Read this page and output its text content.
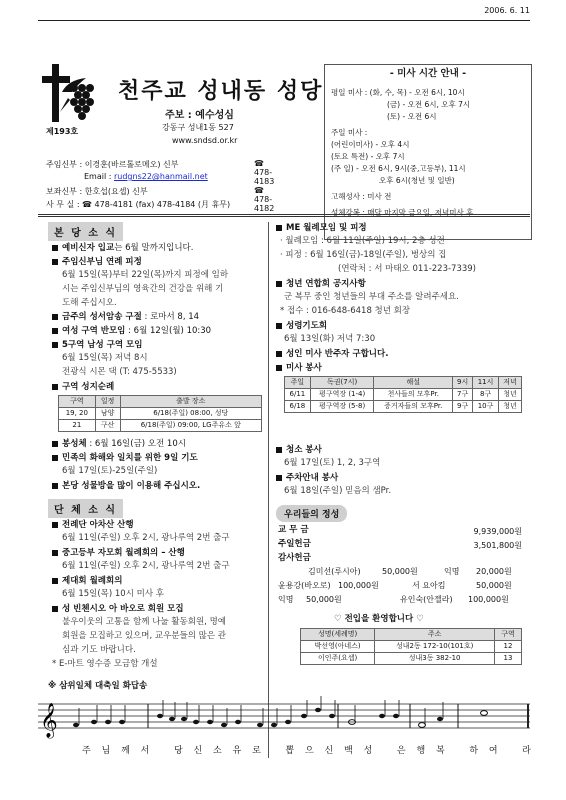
2006. 6. 11
제193호
천주교 성내동 성당
주보 : 예수성심
강동구 성내1동 527
www.sndsd.or.kr
주임신부 : 이경훈(바르톨로메오) 신부	☎ 478-4183
Email : rudgns22@hanmail.net
보좌신부 : 한호섭(요셉) 신부	☎ 478-4182
사 무 실 : ☎ 478-4181 (fax) 478-4184 (月 휴무)
- 미사 시간 안내 -
평일 미사 : (화, 수, 목) - 오전 6시, 10시
(금) - 오전 6시, 오후 7시
(토) - 오전 6시
주일 미사 :
(어린이미사) - 오후 4시
(토요 특전) - 오후 7시
(주 일) - 오전 6시, 9시(중,고등부), 11시
오후 6시(청년 및 일반)
고해성사 : 미사 전
성체강복 : 매달 마지막 금요일, 저녁미사 후
본 당 소 식
예비신자 입교는 6월 말까지입니다.
주임신부님 연례 피정
6월 15일(목)부터 22일(목)까지 피정에 임하
시는 주임신부님의 영육간의 건강을 위해 기
도해 주십시오.
금주의 성서암송 구절 : 로마서 8, 14
여성 구역 반모임 : 6월 12일(월) 10:30
5구역 남성 구역 모임
6월 15일(목) 저녁 8시
전광식 시몬 댁 (T: 475-5533)
구역 성지순례
구역	일정	출발 장소
19, 20	남양	6/18(주일) 08:00, 성당
21	구산	6/18(주일) 09:00, LG주유소 앞
봉성체 : 6월 16일(금) 오전 10시
민족의 화해와 일치를 위한 9일 기도
6월 17일(토)-25일(주일)
본당 성물방을 많이 이용해 주십시오.
단 체 소 식
전례단 아차산 산행
6월 11일(주일) 오후 2시, 광나루역 2번 출구
중고등부 자모회 월례회의 – 산행
6월 11일(주일) 오후 2시, 광나루역 2번 출구
제대회 월례회의
6월 15일(목) 10시 미사 후
성 빈첸시오 아 바오로 회원 모집
불우이웃의 고통을 함께 나눌 활동회원, 명예
회원을 모집하고 있으며, 교우분들의 많은 관
심과 기도 바랍니다.
* E-마트 영수증 모금함 개설
ME 월례모임 및 피정
· 월례모임 : 6월 11일(주일) 19시, 2층 성전
· 피정 : 6월 16일(금)-18일(주일), 벙상의 집
(연락처 : 서 마태오 011-223-7339)
청년 연합회 공지사항
군 복무 중인 청년들의 부대 주소를 알려주세요.
* 접수 : 016-648-6418 청년 회장
성령기도회
6월 13일(화) 저녁 7:30
성인 미사 반주자 구합니다.
미사 봉사
주일	독권(7시)	해설	9시	11시	저녁
6/11	평구역장 (1-4)	천사들의 모후Pr.	7구	8구	청년
6/18	평구역장 (5-8)	증거자들의 모후Pr.	9구	10구	청년
청소 봉사
6월 17일(토) 1, 2, 3구역
주차안내 봉사
6월 18일(주일) 믿음의 샘Pr.
우리들의 정성
교 무 금	9,939,000원
주일헌금	3,501,800원
감사헌금
김미선(루시아)	50,000원	익명 20,000원
윤용강(바오로) 100,000원	서 요아킴	50,000원
익명 50,000원	유인숙(안젤라) 100,000원
♡ 전입을 환영합니다 ♡
성명(세례명)	주소	구역
박선영(아네스)	성내2동 172-10(101호)	12
이인주(요셉)	성내3동 382-10	13
※ 삼위일체 대축일 화답송
𝄞
주 님 께 서   당 신 소 유 로   뽑 으 신 백 성   은 행 복   하 여   라
